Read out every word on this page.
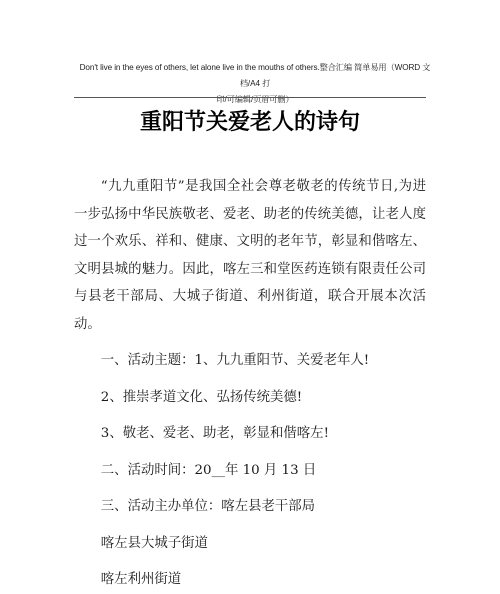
Don't live in the eyes of others, let alone live in the mouths of others.整合汇编 简单易用（WORD 文档/A4 打
印/可编辑/页眉可删）
重阳节关爱老人的诗句

“九九重阳节”是我国全社会尊老敬老的传统节日,为进一步弘扬中华民族敬老、爱老、助老的传统美德，让老人度过一个欢乐、祥和、健康、文明的老年节，彰显和偕喀左、文明县城的魅力。因此，喀左三和堂医药连锁有限责任公司与县老干部局、大城子街道、利州街道，联合开展本次活动。

一、活动主题：1、九九重阳节、关爱老年人!

2、推崇孝道文化、弘扬传统美德!

3、敬老、爱老、助老，彰显和偕喀左!

二、活动时间：20__年 10 月 13 日

三、活动主办单位：喀左县老干部局

喀左县大城子街道

喀左利州街道
